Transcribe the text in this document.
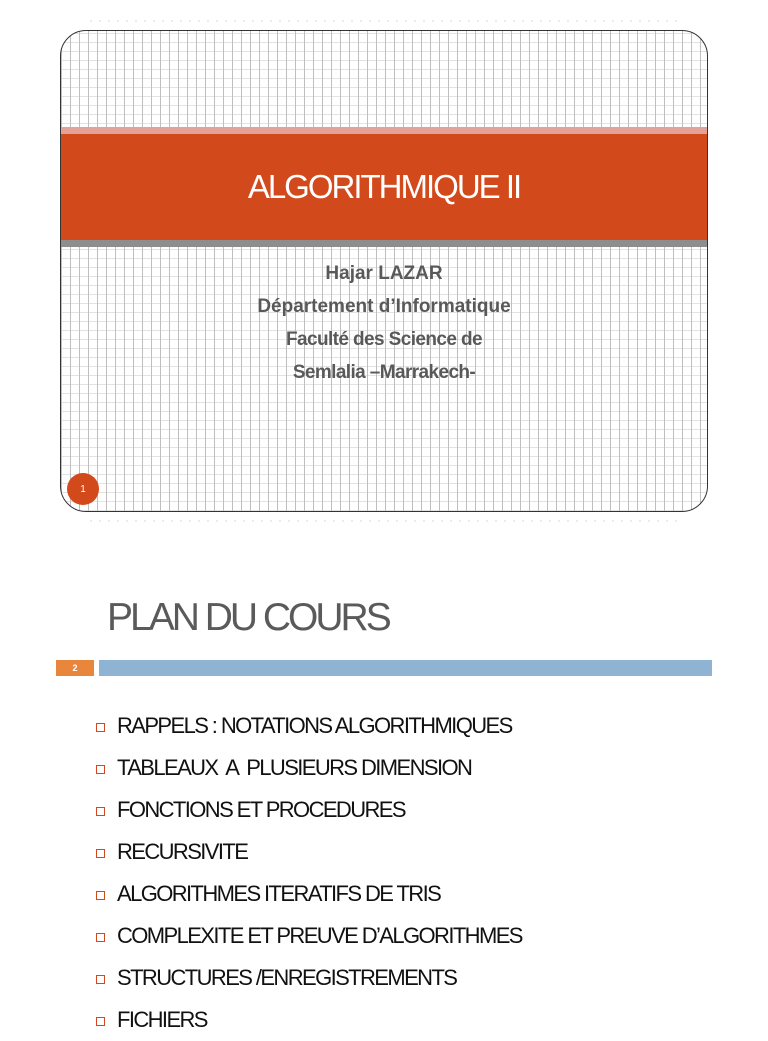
ALGORITHMIQUE II
Hajar LAZAR
Département d’Informatique
Faculté des Science de
Semlalia –Marrakech-
1
PLAN DU COURS
2
RAPPELS : NOTATIONS ALGORITHMIQUES
TABLEAUX  A  PLUSIEURS DIMENSION
FONCTIONS ET PROCEDURES
RECURSIVITE
ALGORITHMES ITERATIFS DE TRIS
COMPLEXITE ET PREUVE D’ALGORITHMES
STRUCTURES /ENREGISTREMENTS
FICHIERS
